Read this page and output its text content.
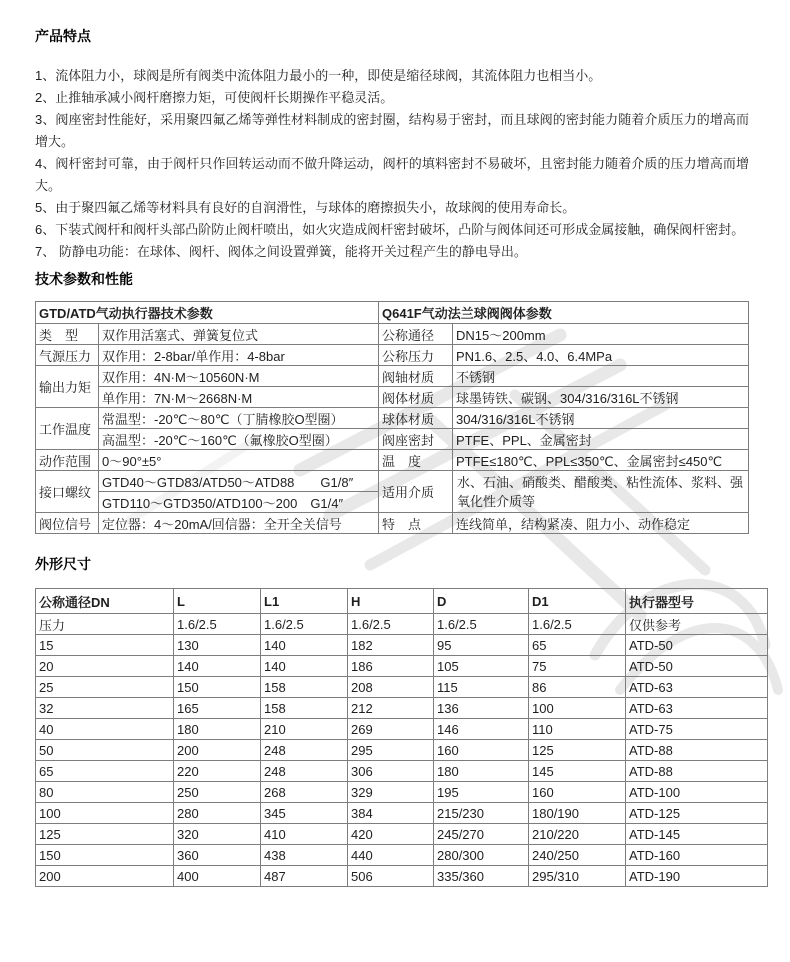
产品特点

1、流体阻力小，球阀是所有阀类中流体阻力最小的一种，即使是缩径球阀，其流体阻力也相当小。

2、止推轴承减小阀杆磨擦力矩，可使阀杆长期操作平稳灵活。

3、阀座密封性能好，采用聚四氟乙烯等弹性材料制成的密封圈，结构易于密封，而且球阀的密封能力随着介质压力的增高而增大。

4、阀杆密封可靠，由于阀杆只作回转运动而不做升降运动，阀杆的填料密封不易破坏，且密封能力随着介质的压力增高而增大。

5、由于聚四氟乙烯等材料具有良好的自润滑性，与球体的磨擦损失小，故球阀的使用寿命长。

6、下装式阀杆和阀杆头部凸阶防止阀杆喷出，如火灾造成阀杆密封破坏，凸阶与阀体间还可形成金属接触，确保阀杆密封。

7、 防静电功能：在球体、阀杆、阀体之间设置弹簧，能将开关过程产生的静电导出。

技术参数和性能
GTD/ATD气动执行器技术参数		Q641F气动法兰球阀阀体参数	
类　型	双作用活塞式、弹簧复位式	公称通径	DN15～200mm
气源压力	双作用：2-8bar/单作用：4-8bar	公称压力	PN1.6、2.5、4.0、6.4MPa
输出力矩	双作用：4N·M～10560N·M	阀轴材质	不锈钢
	单作用：7N·M～2668N·M	阀体材质	球墨铸铁、碳钢、304/316/316L不锈钢
工作温度	常温型：-20℃～80℃（丁腈橡胶O型圈）	球体材质	304/316/316L不锈钢
	高温型：-20℃～160℃（氟橡胶O型圈）	阀座密封	PTFE、PPL、金属密封
动作范围	0～90°±5°	温　度	PTFE≤180℃、PPL≤350℃、金属密封≤450℃
接口螺纹	GTD40～GTD83/ATD50～ATD88　　G1/8″	适用介质	水、石油、硝酸类、醋酸类、粘性流体、浆料、强氧化性介质等
	GTD110～GTD350/ATD100～200　G1/4″		
阀位信号	定位器：4～20mA/回信器：全开全关信号	特　点	连线简单，结构紧凑、阻力小、动作稳定
外形尺寸
公称通径DN	L	L1	H	D	D1	执行器型号
压力	1.6/2.5	1.6/2.5	1.6/2.5	1.6/2.5	1.6/2.5	仅供参考
15	130	140	182	95	65	ATD-50
20	140	140	186	105	75	ATD-50
25	150	158	208	115	86	ATD-63
32	165	158	212	136	100	ATD-63
40	180	210	269	146	110	ATD-75
50	200	248	295	160	125	ATD-88
65	220	248	306	180	145	ATD-88
80	250	268	329	195	160	ATD-100
100	280	345	384	215/230	180/190	ATD-125
125	320	410	420	245/270	210/220	ATD-145
150	360	438	440	280/300	240/250	ATD-160
200	400	487	506	335/360	295/310	ATD-190
